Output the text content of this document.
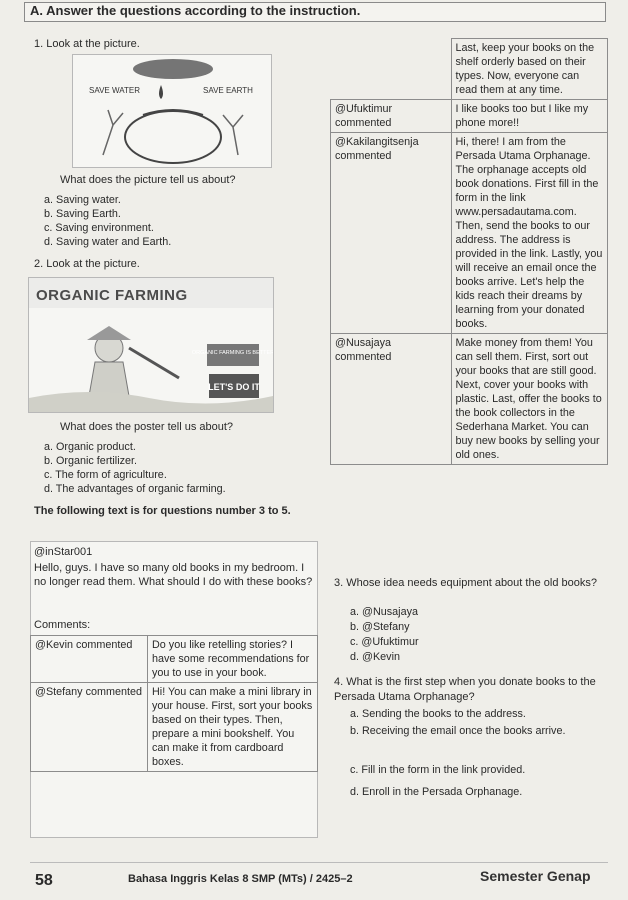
A. Answer the questions according to the instruction.
1. Look at the picture.
SAVE WATER	SAVE EARTH
What does the picture tell us about?
a. Saving water.
b. Saving Earth.
c. Saving environment.
d. Saving water and Earth.
2. Look at the picture.
ORGANIC FARMING IS BETTER
LET'S DO IT
ORGANIC FARMING
What does the poster tell us about?
a. Organic product.
b. Organic fertilizer.
c. The form of agriculture.
d. The advantages of organic farming.
The following text is for questions number 3 to 5.
@inStar001
Hello, guys. I have so many old books in my bedroom. I no longer read them. What should I do with these books?
Comments:
@Kevin commented	Do you like retelling stories? I have some recommendations for you to use in your book.
@Stefany commented	Hi! You can make a mini library in your house. First, sort your books based on their types. Then, prepare a mini bookshelf. You can make it from cardboard boxes.
	Last, keep your books on the shelf orderly based on their types. Now, everyone can read them at any time.
@Ufuktimur commented	I like books too but I like my phone more!!
@Kakilangitsenja commented	Hi, there! I am from the Persada Utama Orphanage. The orphanage accepts old book donations. First fill in the form in the link www.persadautama.com. Then, send the books to our address. The address is provided in the link. Lastly, you will receive an email once the books arrive. Let's help the kids reach their dreams by learning from your donated books.
@Nusajaya commented	Make money from them! You can sell them. First, sort out your books that are still good. Next, cover your books with plastic. Last, offer the books to the book collectors in the Sederhana Market. You can buy new books by selling your old ones.
3. Whose idea needs equipment about the old books?
a. @Nusajaya
b. @Stefany
c. @Ufuktimur
d. @Kevin
4. What is the first step when you donate books to the Persada Utama Orphanage?
a. Sending the books to the address.
b. Receiving the email once the books arrive.
c. Fill in the form in the link provided.
d. Enroll in the Persada Orphanage.
58	Bahasa Inggris Kelas 8 SMP (MTs) / 2425–2	Semester Genap
